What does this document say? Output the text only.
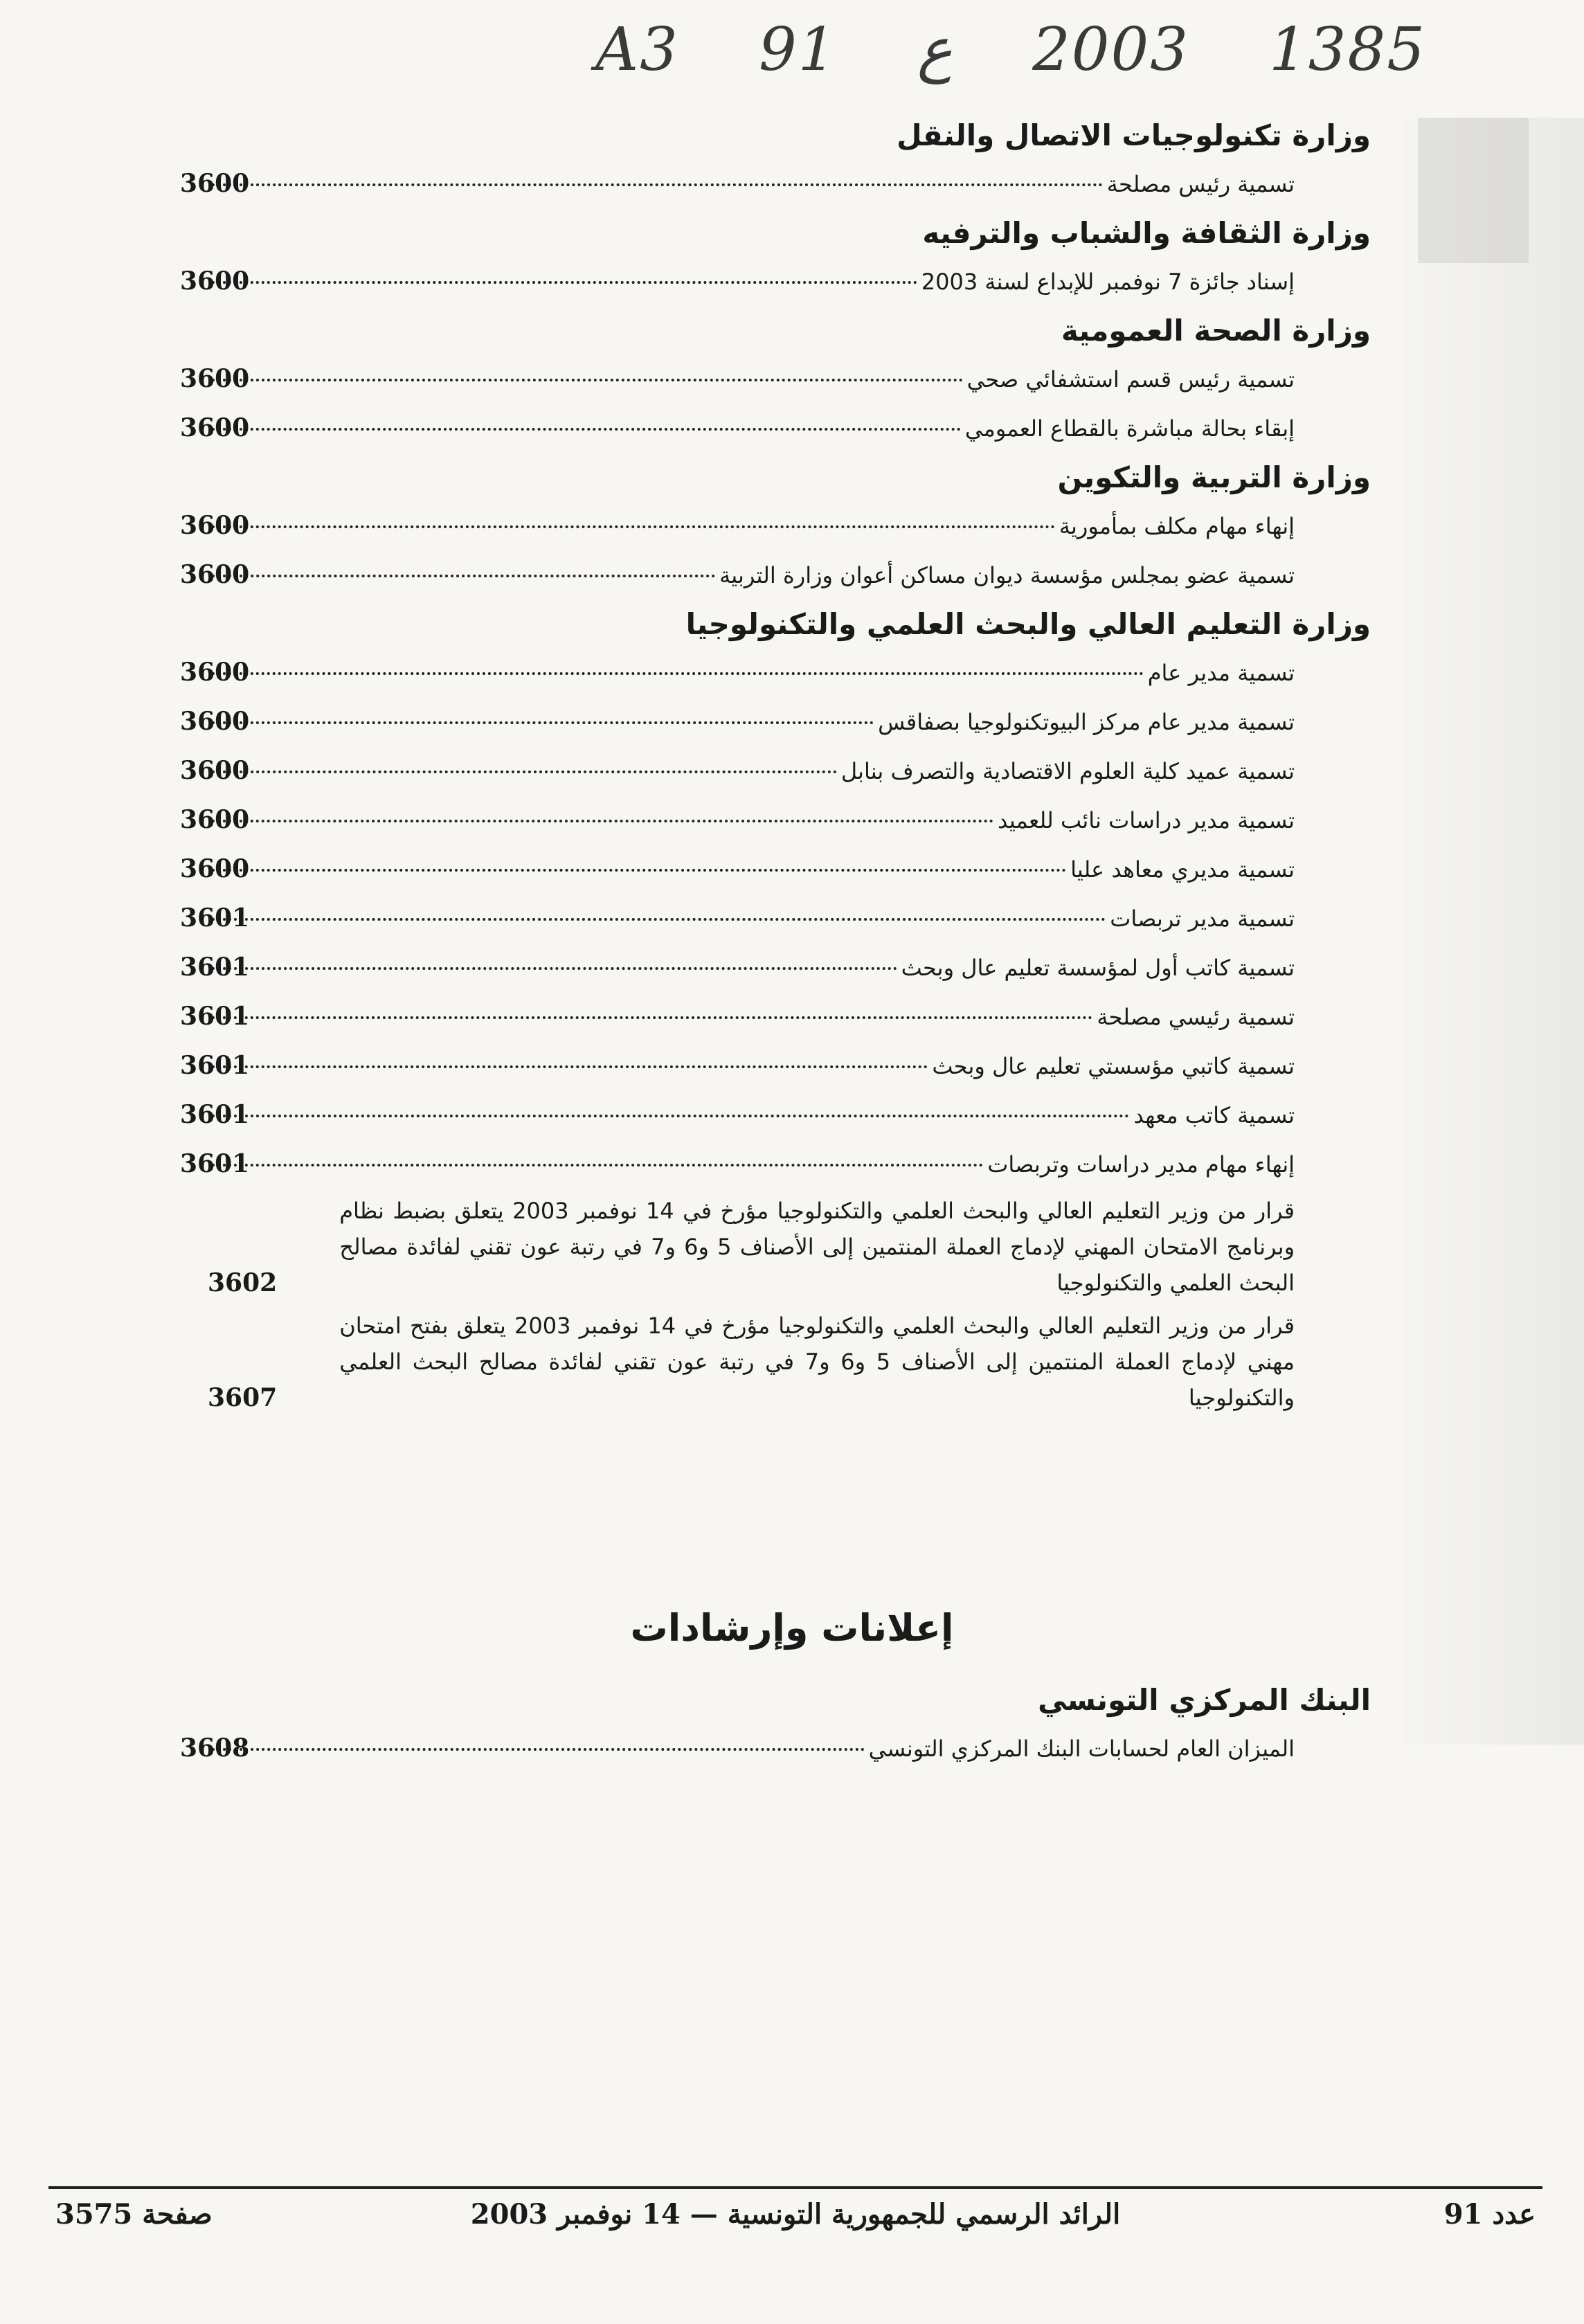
A3 91 ع 2003 1385
وزارة تكنولوجيات الاتصال والنقل
تسمية رئيس مصلحة
3600
وزارة الثقافة والشباب والترفيه
إسناد جائزة 7 نوفمبر للإبداع لسنة 2003
3600
وزارة الصحة العمومية
تسمية رئيس قسم استشفائي صحي
3600
إبقاء بحالة مباشرة بالقطاع العمومي
3600
وزارة التربية والتكوين
إنهاء مهام مكلف بمأمورية
3600
تسمية عضو بمجلس مؤسسة ديوان مساكن أعوان وزارة التربية
3600
وزارة التعليم العالي والبحث العلمي والتكنولوجيا
تسمية مدير عام
3600
تسمية مدير عام مركز البيوتكنولوجيا بصفاقس
3600
تسمية عميد كلية العلوم الاقتصادية والتصرف بنابل
3600
تسمية مدير دراسات نائب للعميد
3600
تسمية مديري معاهد عليا
3600
تسمية مدير تربصات
3601
تسمية كاتب أول لمؤسسة تعليم عال وبحث
3601
تسمية رئيسي مصلحة
3601
تسمية كاتبي مؤسستي تعليم عال وبحث
3601
تسمية كاتب معهد
3601
إنهاء مهام مدير دراسات وتربصات
3601
قرار من وزير التعليم العالي والبحث العلمي والتكنولوجيا مؤرخ في 14 نوفمبر 2003 يتعلق بضبط نظام وبرنامج الامتحان المهني لإدماج العملة المنتمين إلى الأصناف 5 و6 و7 في رتبة عون تقني لفائدة مصالح البحث العلمي والتكنولوجيا
3602
قرار من وزير التعليم العالي والبحث العلمي والتكنولوجيا مؤرخ في 14 نوفمبر 2003 يتعلق بفتح امتحان مهني لإدماج العملة المنتمين إلى الأصناف 5 و6 و7 في رتبة عون تقني لفائدة مصالح البحث العلمي والتكنولوجيا
3607
إعلانات وإرشادات
البنك المركزي التونسي
الميزان العام لحسابات البنك المركزي التونسي
3608
عدد 91
الرائد الرسمي للجمهورية التونسية — 14 نوفمبر 2003
صفحة 3575
